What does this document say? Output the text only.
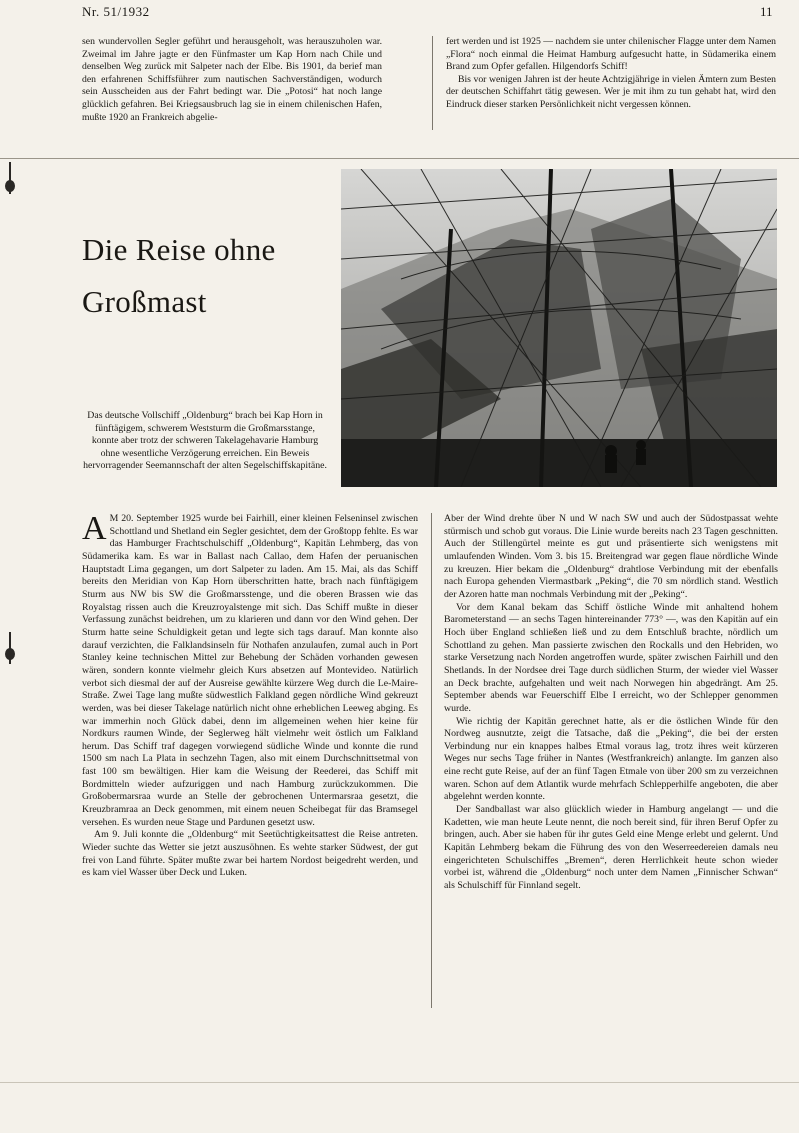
Nr. 51/1932	11

sen wundervollen Segler geführt und herausgeholt, was herauszuholen war. Zweimal im Jahre jagte er den Fünfmaster um Kap Horn nach Chile und denselben Weg zurück mit Salpeter nach der Elbe. Bis 1901, da berief man den erfahrenen Schiffsführer zum nautischen Sachverständigen, wodurch sein Ausscheiden aus der Fahrt bedingt war. Die „Potosi“ hat noch lange glücklich gefahren. Bei Kriegsausbruch lag sie in einem chilenischen Hafen, mußte 1920 an Frankreich abgelie-

fert werden und ist 1925 — nachdem sie unter chilenischer Flagge unter dem Namen „Flora“ noch einmal die Heimat Hamburg aufgesucht hatte, in Südamerika einem Brand zum Opfer gefallen. Hilgendorfs Schiff!

Bis vor wenigen Jahren ist der heute Achtzigjährige in vielen Ämtern zum Besten der deutschen Schiffahrt tätig gewesen. Wer je mit ihm zu tun gehabt hat, wird den Eindruck dieser starken Persönlichkeit nicht vergessen können.

Die Reise ohne
Großmast
Das deutsche Vollschiff „Oldenburg“ brach bei Kap Horn in fünftägigem, schwerem Weststurm die Großmarsstange, konnte aber trotz der schweren Takelagehavarie Hamburg ohne wesentliche Verzögerung erreichen. Ein Beweis hervorragender Seemannschaft der alten Segelschiffskapitäne.

A M 20. September 1925 wurde bei Fairhill, einer kleinen Felseninsel zwischen Schottland und Shetland ein Segler gesichtet, dem der Großtopp fehlte. Es war das Hamburger Frachtschulschiff „Oldenburg“, Kapitän Lehmberg, das von Südamerika kam. Es war in Ballast nach Callao, dem Hafen der peruanischen Hauptstadt Lima gegangen, um dort Salpeter zu laden. Am 15. Mai, als das Schiff bereits den Meridian von Kap Horn überschritten hatte, brach nach fünftägigem Sturm aus NW bis SW die Großmarsstenge, und die oberen Brassen wie das Royalstag rissen auch die Kreuzroyalstenge mit sich. Das Schiff mußte in dieser Verfassung zunächst beidrehen, um zu klarieren und dann vor den Wind gehen. Der Sturm hatte seine Schuldigkeit getan und legte sich tags darauf. Man konnte also darauf verzichten, die Falklandsinseln für Nothafen anzulaufen, zumal auch in Port Stanley keine technischen Mittel zur Behebung der Schäden vorhanden gewesen wären, sondern konnte vielmehr gleich Kurs absetzen auf Montevideo. Natürlich verbot sich diesmal der auf der Ausreise gewählte kürzere Weg durch die Le-Maire-Straße. Zwei Tage lang mußte südwestlich Falkland gegen nördliche Wind gekreuzt werden, was bei dieser Takelage natürlich nicht ohne erheblichen Leeweg abging. Es war immerhin noch Glück dabei, denn im allgemeinen wehen hier keine für Nordkurs raumen Winde, der Seglerweg hält vielmehr weit östlich um Falkland herum. Das Schiff traf dagegen vorwiegend südliche Winde und konnte die rund 1500 sm nach La Plata in sechzehn Tagen, also mit einem Durchschnittsetmal von fast 100 sm bewältigen. Hier kam die Weisung der Reederei, das Schiff mit Bordmitteln wieder aufzuriggen und nach Hamburg zurückzukommen. Die Großobermarsraa wurde an Stelle der gebrochenen Untermarsraa gesetzt, die Kreuzbramraa an Deck genommen, mit einem neuen Scheibegat für das Bramsegel versehen. Es wurden neue Stage und Pardunen gesetzt usw.

Am 9. Juli konnte die „Oldenburg“ mit Seetüchtigkeitsattest die Reise antreten. Wieder suchte das Wetter sie jetzt auszusöhnen. Es wehte starker Südwest, der gut frei von Land führte. Später mußte zwar bei hartem Nordost beigedreht werden, und es kam viel Wasser über Deck und Luken.

Aber der Wind drehte über N und W nach SW und auch der Südostpassat wehte stürmisch und schob gut voraus. Die Linie wurde bereits nach 23 Tagen geschnitten. Auch der Stillengürtel meinte es gut und präsentierte sich wenigstens mit umlaufenden Winden. Vom 3. bis 15. Breitengrad war gegen flaue nördliche Winde zu kreuzen. Hier bekam die „Oldenburg“ drahtlose Verbindung mit der ebenfalls nach Europa gehenden Viermastbark „Peking“, die 70 sm nördlich stand. Westlich der Azoren hatte man nochmals Verbindung mit der „Peking“.

Vor dem Kanal bekam das Schiff östliche Winde mit anhaltend hohem Barometerstand — an sechs Tagen hintereinander 773° —, was den Kapitän auf ein Hoch über England schließen ließ und zu dem Entschluß brachte, nördlich um Schottland zu gehen. Man passierte zwischen den Rockalls und den Hebriden, wo starke Versetzung nach Norden angetroffen wurde, später zwischen Fairhill und den Shetlands. In der Nordsee drei Tage durch südlichen Sturm, der wieder viel Wasser an Deck brachte, aufgehalten und weit nach Norwegen hin abgedrängt. Am 25. September abends war Feuerschiff Elbe I erreicht, wo der Schlepper genommen wurde.

Wie richtig der Kapitän gerechnet hatte, als er die östlichen Winde für den Nordweg ausnutzte, zeigt die Tatsache, daß die „Peking“, die bei der ersten Verbindung nur ein knappes halbes Etmal voraus lag, trotz ihres weit kürzeren Weges nur sechs Tage früher in Nantes (Westfrankreich) anlangte. Im ganzen also eine recht gute Reise, auf der an fünf Tagen Etmale von über 200 sm zu verzeichnen waren. Schon auf dem Atlantik wurde mehrfach Schlepperhilfe angeboten, die aber abgelehnt werden konnte.

Der Sandballast war also glücklich wieder in Hamburg angelangt — und die Kadetten, wie man heute Leute nennt, die noch bereit sind, für ihren Beruf Opfer zu bringen, auch. Aber sie haben für ihr gutes Geld eine Menge erlebt und gelernt. Und Kapitän Lehmberg bekam die Führung des von den Weserreedereien damals neu eingerichteten Schulschiffes „Bremen“, deren Herrlichkeit heute schon wieder vorbei ist, während die „Oldenburg“ noch unter dem Namen „Finnischer Schwan“ als Schulschiff für Finnland segelt.
